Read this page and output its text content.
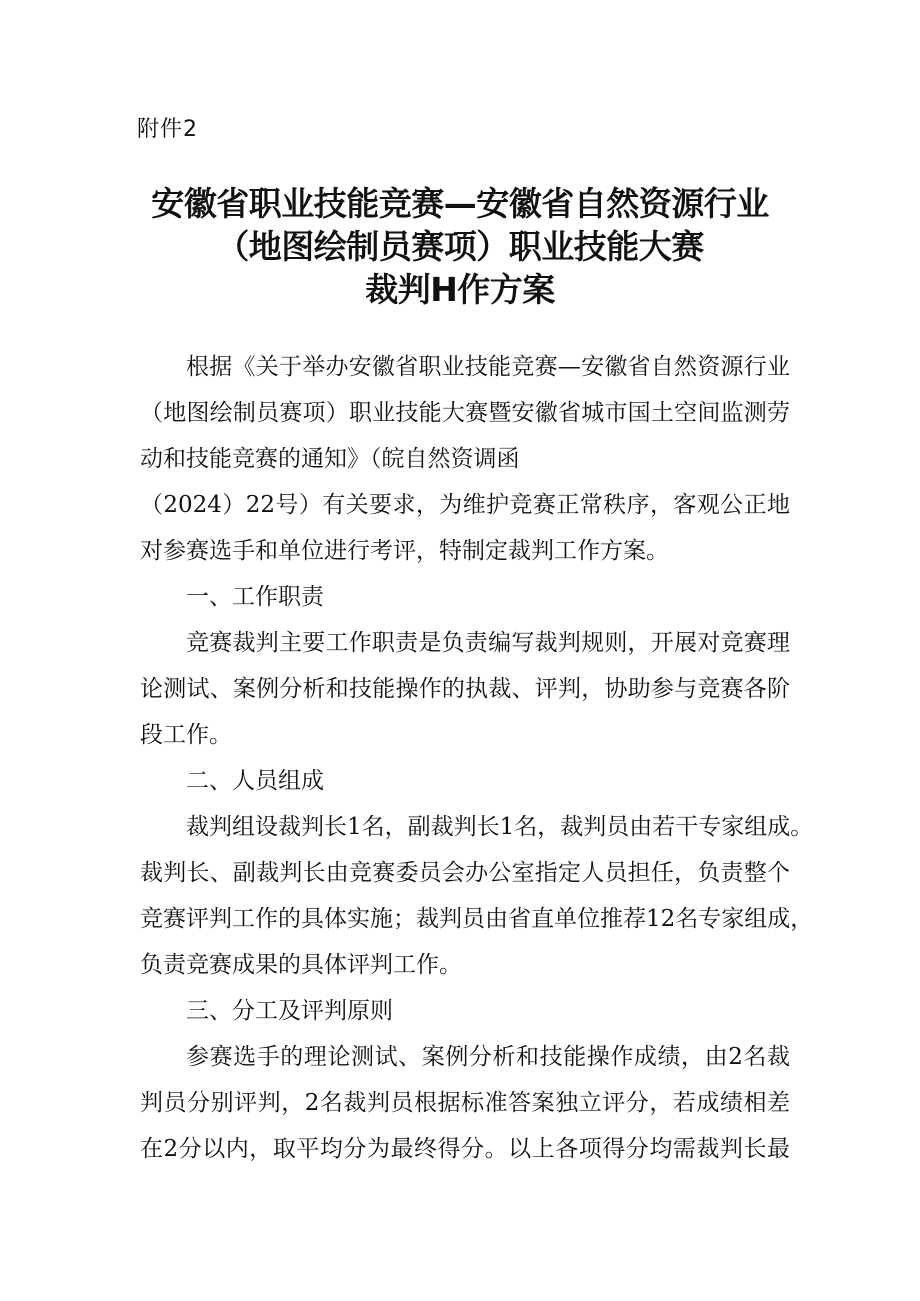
附件2
安徽省职业技能竞赛—安徽省自然资源行业
（地图绘制员赛项）职业技能大赛
裁判H作方案
根据《关于举办安徽省职业技能竞赛—安徽省自然资源行业
（地图绘制员赛项）职业技能大赛暨安徽省城市国土空间监测劳
动和技能竞赛的通知》（皖自然资调函
（2024）22号）有关要求，为维护竞赛正常秩序，客观公正地
对参赛选手和单位进行考评，特制定裁判工作方案。
一、工作职责
竞赛裁判主要工作职责是负责编写裁判规则，开展对竞赛理
论测试、案例分析和技能操作的执裁、评判，协助参与竞赛各阶
段工作。
二、人员组成
裁判组设裁判长1名，副裁判长1名，裁判员由若干专家组成。
裁判长、副裁判长由竞赛委员会办公室指定人员担任，负责整个
竞赛评判工作的具体实施；裁判员由省直单位推荐12名专家组成，
负责竞赛成果的具体评判工作。
三、分工及评判原则
参赛选手的理论测试、案例分析和技能操作成绩，由2名裁
判员分别评判，2名裁判员根据标准答案独立评分，若成绩相差
在2分以内，取平均分为最终得分。以上各项得分均需裁判长最
